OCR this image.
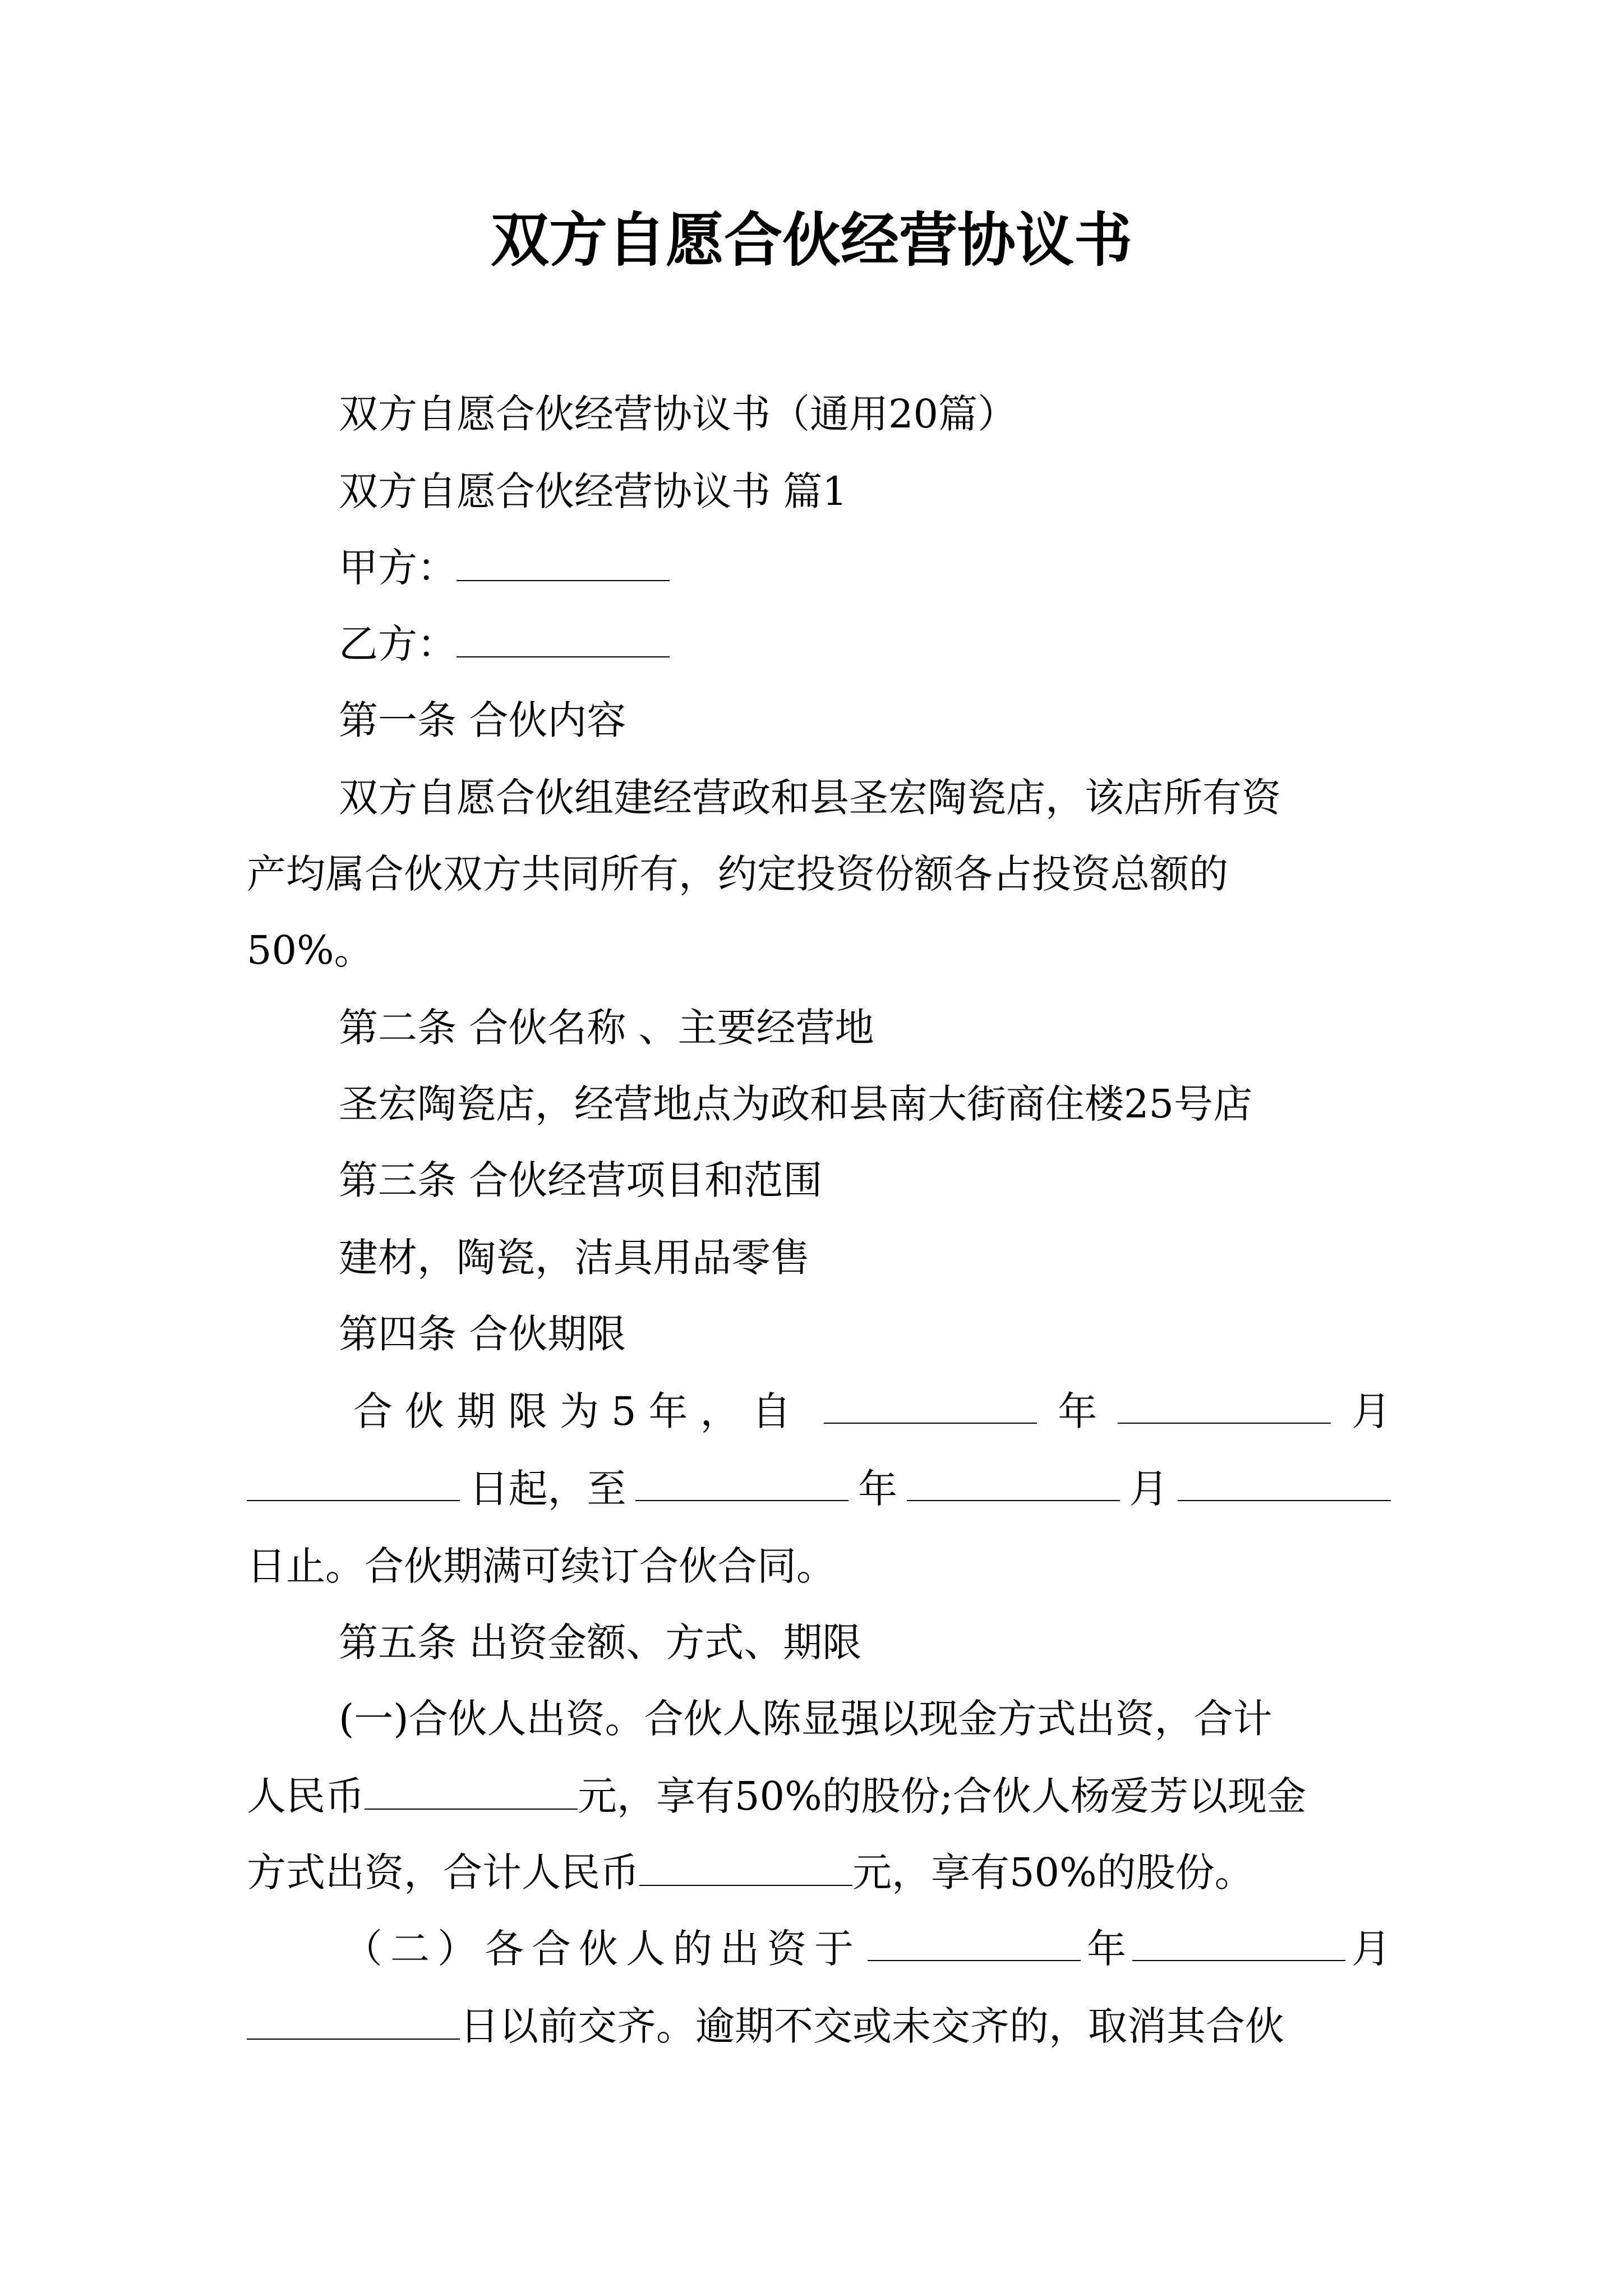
双方自愿合伙经营协议书
双方自愿合伙经营协议书（通用20篇）
双方自愿合伙经营协议书 篇1
甲方：
乙方：
第一条 合伙内容
双方自愿合伙组建经营政和县圣宏陶瓷店，该店所有资
产均属合伙双方共同所有，约定投资份额各占投资总额的
50%。
第二条 合伙名称 、主要经营地
圣宏陶瓷店，经营地点为政和县南大街商住楼25号店
第三条 合伙经营项目和范围
建材，陶瓷，洁具用品零售
第四条 合伙期限
合伙期限为5年，自	年	月
日起，至	年	月
日止。合伙期满可续订合伙合同。
第五条 出资金额、方式、期限
(一)合伙人出资。合伙人陈显强以现金方式出资，合计
人民币	元，享有50%的股份;合伙人杨爱芳以现金
方式出资，合计人民币	元，享有50%的股份。
（二）各合伙人的出资于	年	月
日以前交齐。逾期不交或未交齐的，取消其合伙
